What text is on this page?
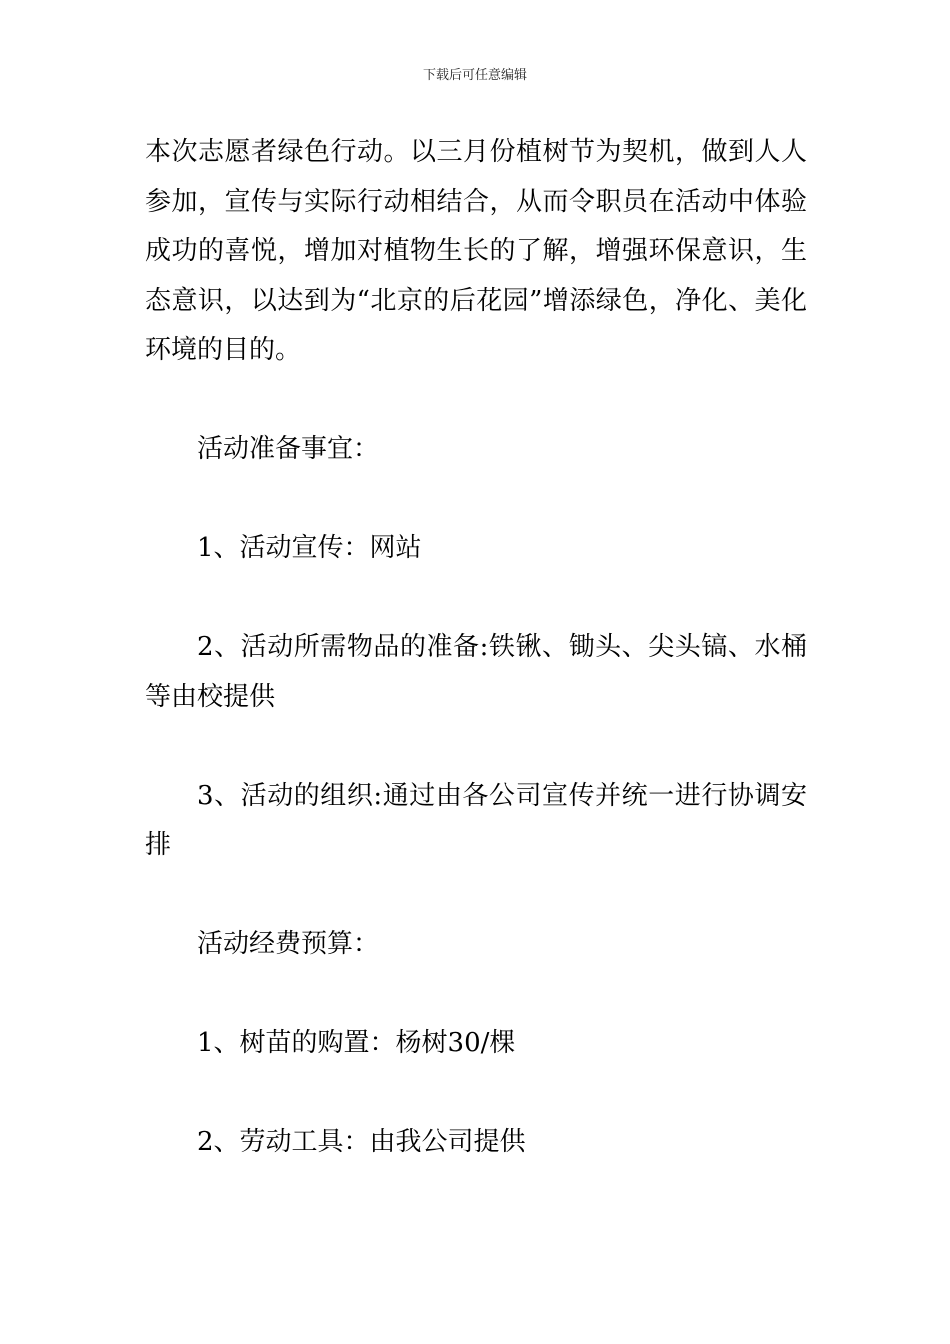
下载后可任意编辑

本次志愿者绿色行动。以三月份植树节为契机，做到人人参加，宣传与实际行动相结合，从而令职员在活动中体验成功的喜悦，增加对植物生长的了解，增强环保意识，生态意识，以达到为“北京的后花园”增添绿色，净化、美化环境的目的。

活动准备事宜：

1、活动宣传：网站

2、活动所需物品的准备:铁锹、锄头、尖头镐、水桶等由校提供

3、活动的组织:通过由各公司宣传并统一进行协调安排

活动经费预算：

1、树苗的购置：杨树30/棵

2、劳动工具：由我公司提供
